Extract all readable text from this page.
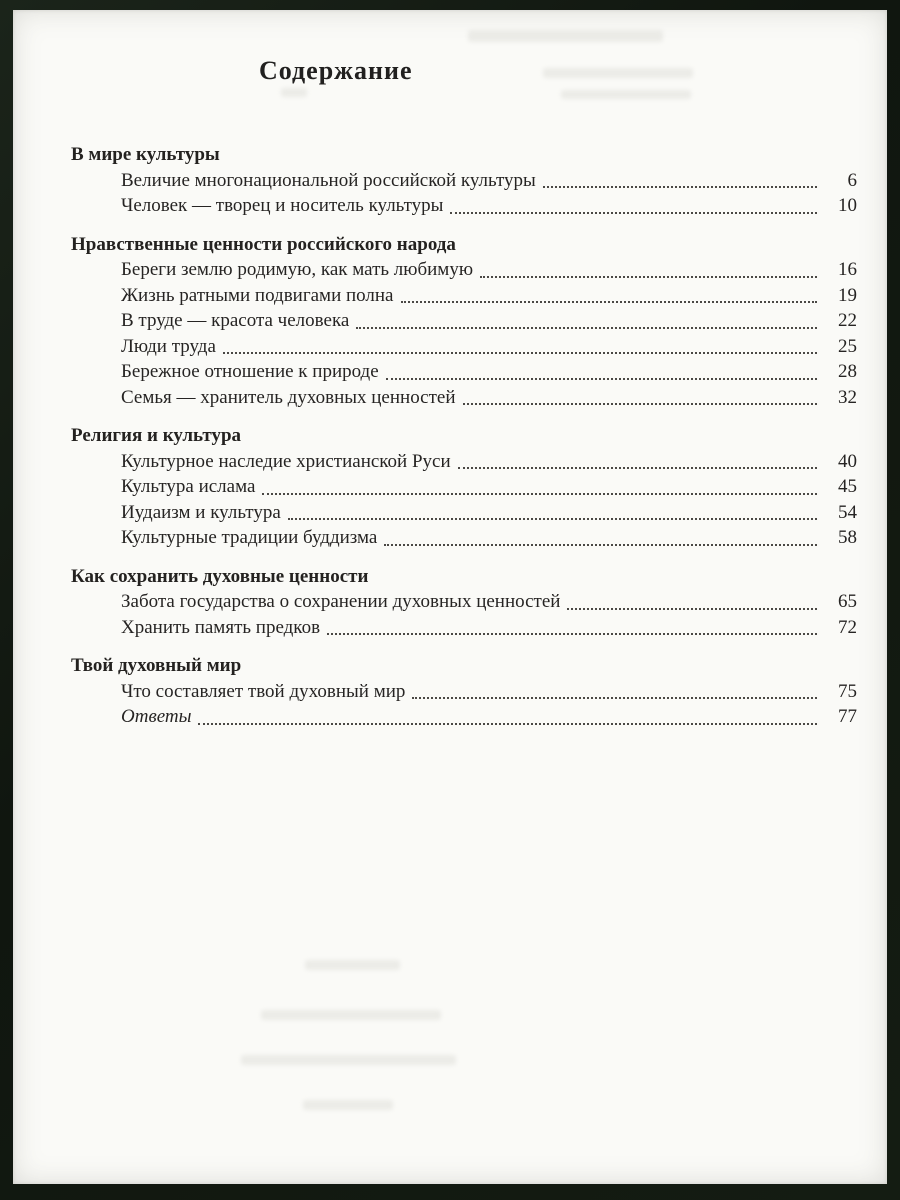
Содержание
В мире культуры
Величие многонациональной российской культуры	6
Человек — творец и носитель культуры	10
Нравственные ценности российского народа
Береги землю родимую, как мать любимую	16
Жизнь ратными подвигами полна	19
В труде — красота человека	22
Люди труда	25
Бережное отношение к природе	28
Семья — хранитель духовных ценностей	32
Религия и культура
Культурное наследие христианской Руси	40
Культура ислама	45
Иудаизм и культура	54
Культурные традиции буддизма	58
Как сохранить духовные ценности
Забота государства о сохранении духовных ценностей	65
Хранить память предков	72
Твой духовный мир
Что составляет твой духовный мир	75
Ответы	77
